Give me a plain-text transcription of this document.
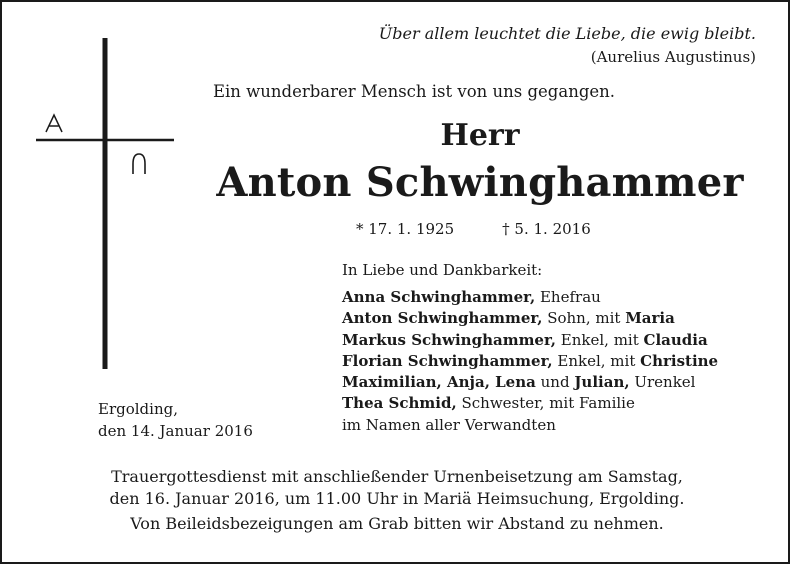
Über allem leuchtet die Liebe, die ewig bleibt.
(Aurelius Augustinus)
Ein wunderbarer Mensch ist von uns gegangen.
Herr
Anton Schwinghammer
* 17. 1. 1925	† 5. 1. 2016
In Liebe und Dankbarkeit:
Anna Schwinghammer, Ehefrau
Anton Schwinghammer, Sohn, mit Maria
Markus Schwinghammer, Enkel, mit Claudia
Florian Schwinghammer, Enkel, mit Christine
Maximilian, Anja, Lena und Julian, Urenkel
Thea Schmid, Schwester, mit Familie
im Namen aller Verwandten
Ergolding,
den 14. Januar 2016
Trauergottesdienst mit anschließender Urnenbeisetzung am Samstag,
den 16. Januar 2016, um 11.00 Uhr in Mariä Heimsuchung, Ergolding.
Von Beileidsbezeigungen am Grab bitten wir Abstand zu nehmen.
